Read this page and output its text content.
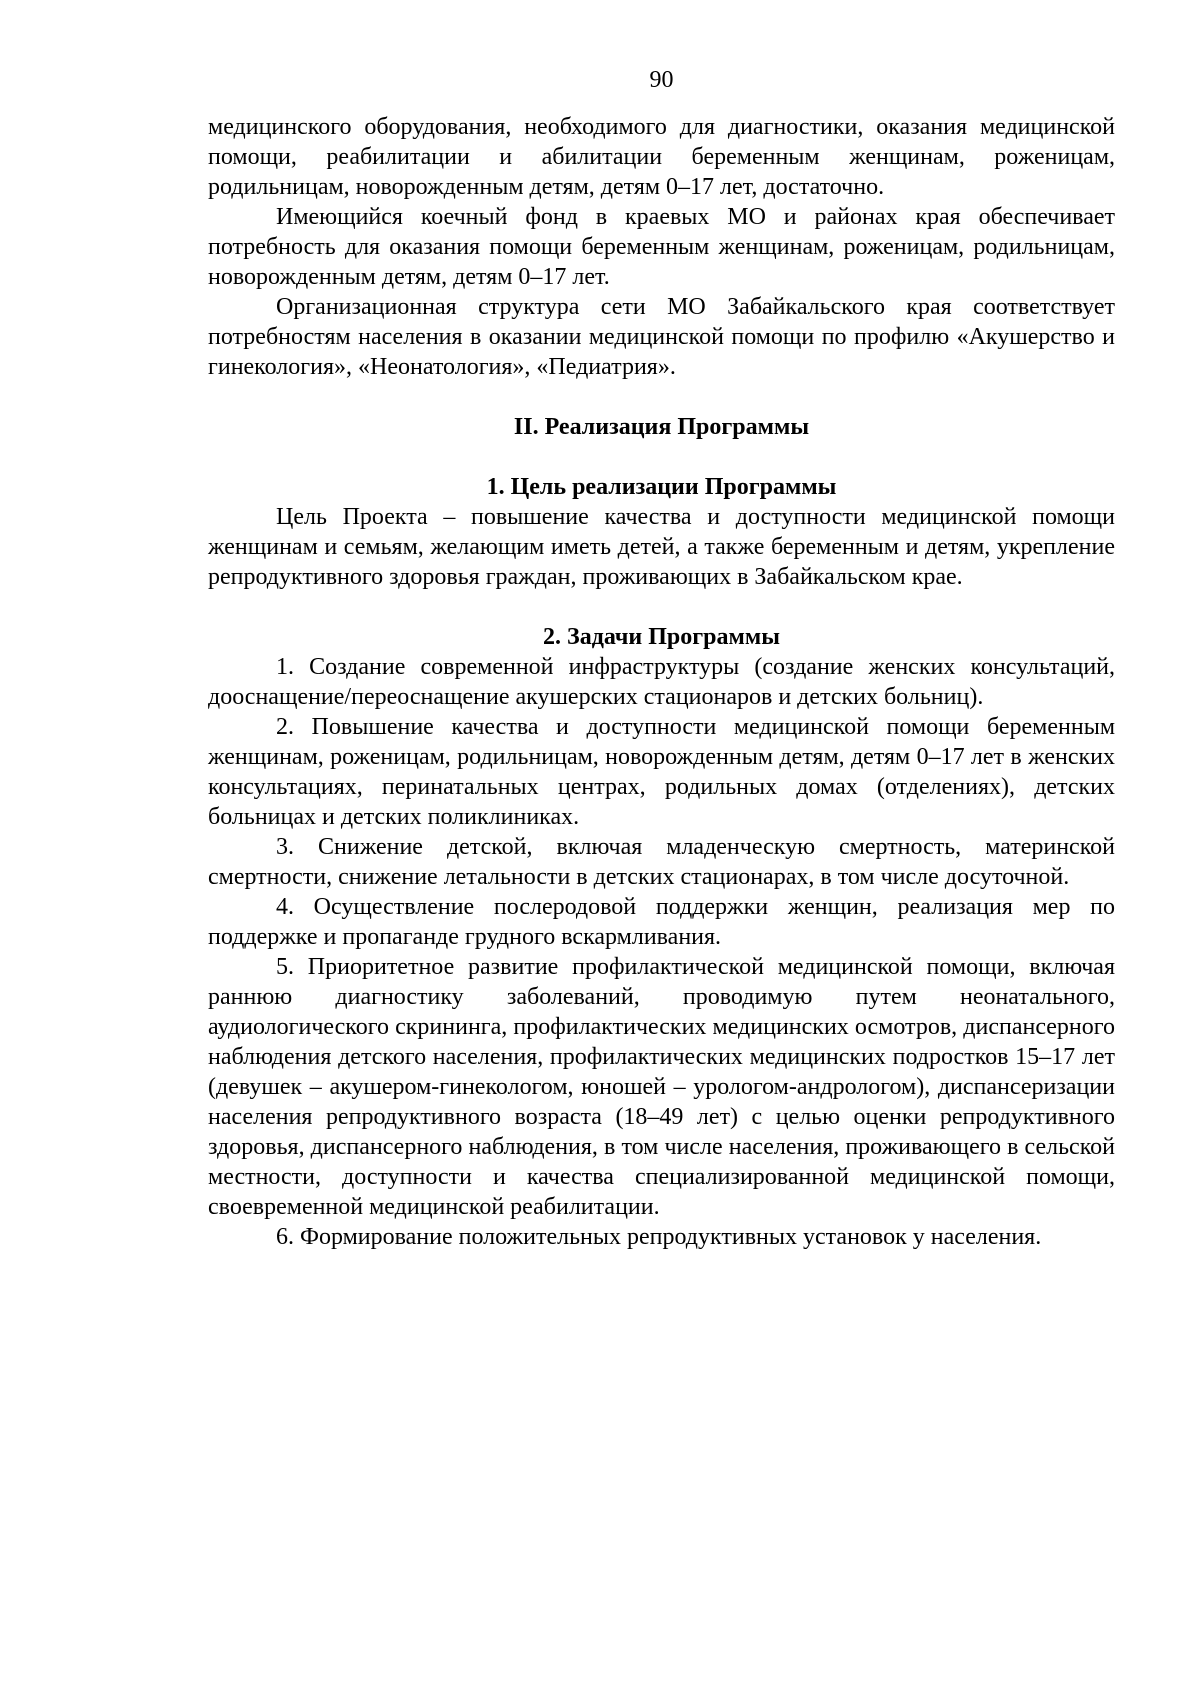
90

медицинского оборудования, необходимого для диагностики, оказания медицинской помощи, реабилитации и абилитации беременным женщинам, роженицам, родильницам, новорожденным детям, детям 0–17 лет, достаточно.

Имеющийся коечный фонд в краевых МО и районах края обеспечивает потребность для оказания помощи беременным женщинам, роженицам, родильницам, новорожденным детям, детям 0–17 лет.

Организационная структура сети МО Забайкальского края соответствует потребностям населения в оказании медицинской помощи по профилю «Акушерство и гинекология», «Неонатология», «Педиатрия».

II. Реализация Программы
1. Цель реализации Программы

Цель Проекта – повышение качества и доступности медицинской помощи женщинам и семьям, желающим иметь детей, а также беременным и детям, укрепление репродуктивного здоровья граждан, проживающих в Забайкальском крае.

2. Задачи Программы

1. Создание современной инфраструктуры (создание женских консультаций, дооснащение/переоснащение акушерских стационаров и детских больниц).

2. Повышение качества и доступности медицинской помощи беременным женщинам, роженицам, родильницам, новорожденным детям, детям 0–17 лет в женских консультациях, перинатальных центрах, родильных домах (отделениях), детских больницах и детских поликлиниках.

3. Снижение детской, включая младенческую смертность, материнской смертности, снижение летальности в детских стационарах, в том числе досуточной.

4. Осуществление послеродовой поддержки женщин, реализация мер по поддержке и пропаганде грудного вскармливания.

5. Приоритетное развитие профилактической медицинской помощи, включая раннюю диагностику заболеваний, проводимую путем неонатального, аудиологического скрининга, профилактических медицинских осмотров, диспансерного наблюдения детского населения, профилактических медицинских подростков 15–17 лет (девушек – акушером-гинекологом, юношей – урологом-андрологом), диспансеризации населения репродуктивного возраста (18–49 лет) с целью оценки репродуктивного здоровья, диспансерного наблюдения, в том числе населения, проживающего в сельской местности, доступности и качества специализированной медицинской помощи, своевременной медицинской реабилитации.

6. Формирование положительных репродуктивных установок у населения.
